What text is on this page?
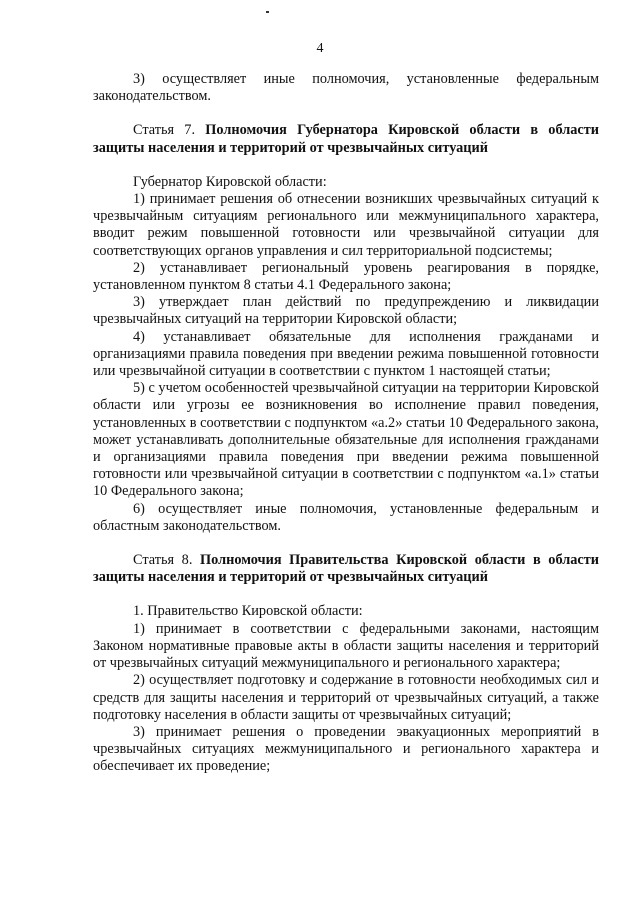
4

3) осуществляет иные полномочия, установленные федеральным законодательством.

Статья 7. Полномочия Губернатора Кировской области в области защиты населения и территорий от чрезвычайных ситуаций

Губернатор Кировской области:

1) принимает решения об отнесении возникших чрезвычайных ситуаций к чрезвычайным ситуациям регионального или межмуниципального характера, вводит режим повышенной готовности или чрезвычайной ситуации для соответствующих органов управления и сил территориальной подсистемы;

2) устанавливает региональный уровень реагирования в порядке, установленном пунктом 8 статьи 4.1 Федерального закона;

3) утверждает план действий по предупреждению и ликвидации чрезвычайных ситуаций на территории Кировской области;

4) устанавливает обязательные для исполнения гражданами и организациями правила поведения при введении режима повышенной готовности или чрезвычайной ситуации в соответствии с пунктом 1 настоящей статьи;

5) с учетом особенностей чрезвычайной ситуации на территории Кировской области или угрозы ее возникновения во исполнение правил поведения, установленных в соответствии с подпунктом «а.2» статьи 10 Федерального закона, может устанавливать дополнительные обязательные для исполнения гражданами и организациями правила поведения при введении режима повышенной готовности или чрезвычайной ситуации в соответствии с подпунктом «а.1» статьи 10 Федерального закона;

6) осуществляет иные полномочия, установленные федеральным и областным законодательством.

Статья 8. Полномочия Правительства Кировской области в области защиты населения и территорий от чрезвычайных ситуаций

1. Правительство Кировской области:

1) принимает в соответствии с федеральными законами, настоящим Законом нормативные правовые акты в области защиты населения и территорий от чрезвычайных ситуаций межмуниципального и регионального характера;

2) осуществляет подготовку и содержание в готовности необходимых сил и средств для защиты населения и территорий от чрезвычайных ситуаций, а также подготовку населения в области защиты от чрезвычайных ситуаций;

3) принимает решения о проведении эвакуационных мероприятий в чрезвычайных ситуациях межмуниципального и регионального характера и обеспечивает их проведение;
